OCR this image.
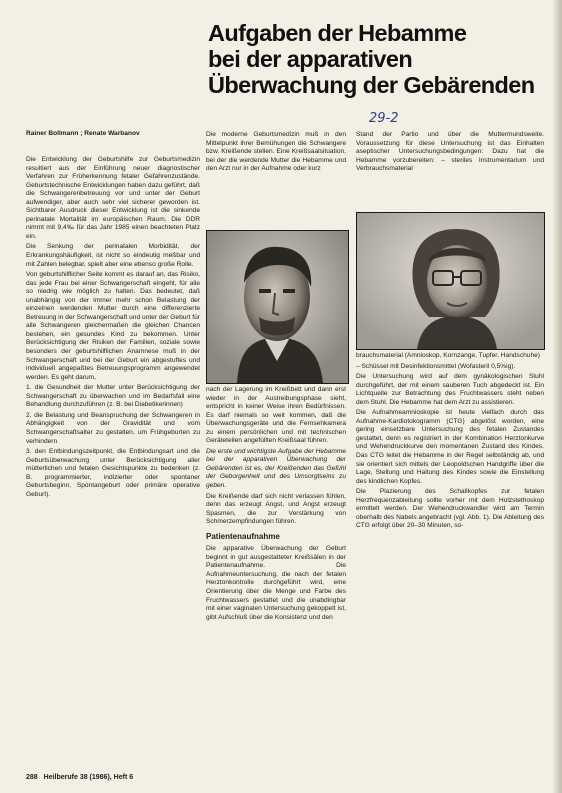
Aufgaben der Hebamme
bei der apparativen
Überwachung der Gebärenden
29-2
Rainer Bollmann ; Renate Warbanov

Die Entwicklung der Geburtshilfe zur Geburtsmedizin resultiert aus der Einführung neuer diagnostischer Verfahren zur Früherkennung fetaler Gefahrenzustände. Geburtstechnische Entwicklungen haben dazu geführt, daß die Schwangerenbetreuung vor und unter der Geburt aufwendiger, aber auch sehr viel sicherer geworden ist. Sichtbarer Ausdruck dieser Entwicklung ist die sinkende perinatale Mortalität im europäischen Raum. Die DDR nimmt mit 9,4‰ für das Jahr 1985 einen beachteten Platz ein.

Die Senkung der perinatalen Morbidität, der Erkrankungshäufigkeit, ist nicht so eindeutig meßbar und mit Zahlen belegbar, spielt aber eine ebenso große Rolle.

Von geburtshilflicher Seite kommt es darauf an, das Risiko, das jede Frau bei einer Schwangerschaft eingeht, für alle so niedrig wie möglich zu halten. Das bedeutet, daß unabhängig von der immer mehr schon Belastung der einzelnen werdenden Mutter durch eine differenzierte Betreuung in der Schwangerschaft und unter der Geburt für alle Schwangeren gleichermaßen die gleichen Chancen bestehen, ein gesundes Kind zu bekommen. Unter Berücksichtigung der Risiken der Familien, soziale sowie besonders der geburtshilflichen Anamnese muß in der Schwangerschaft und bei der Geburt ein abgestuftes und individuell angepaßtes Betreuungsprogramm angewendet werden. Es geht darum,

1. die Gesundheit der Mutter unter Berücksichtigung der Schwangerschaft zu überwachen und im Bedarfsfall eine Behandlung durchzuführen (z. B. bei Diabetikerinnen)

2. die Belastung und Beanspruchung der Schwangeren in Abhängigkeit von der Gravidität und vom Schwangerschaftsalter zu gestalten, um Frühgeburten zu verhindern

3. den Entbindungszeitpunkt, die Entbindungsart und die Geburtsüberwachung unter Berücksichtigung aller mütterlichen und fetalen Gesichtspunkte zu bedenken (z. B. programmierter, indizierter oder spontaner Geburtsbeginn, Spontangeburt oder primäre operative Geburt).

Die moderne Geburtsmedizin muß in den Mittelpunkt ihrer Bemühungen die Schwangere bzw. Kreißende stellen. Eine Kreißsaalsituation, bei der die werdende Mutter die Hebamme und den Arzt nur in der Aufnahme oder kurz

Stand der Partio und über die Muttermundsweite. Voraussetzung für diese Untersuchung ist das Einhalten aseptischer Untersuchungsbedingungen: Dazu hat die Hebamme vorzubereiten: – steriles Instrumentarium und Verbrauchsmaterial

nach der Lagerung im Kreißbett und dann erst wieder in der Austreibungsphase sieht, entspricht in keiner Weise ihren Bedürfnissen. Es darf niemals so weit kommen, daß die Überwachungsgeräte und die Fernsehkamera zu einem persönlichen und mit technischen Geräteteilen angefüllten Kreißsaal führen.

Die erste und wichtigste Aufgabe der Hebamme bei der apparativen Überwachung der Gebärenden ist es, der Kreißenden das Gefühl der Geborgenheit und des Umsorgtseins zu geben.

Die Kreißende darf sich nicht verlassen fühlen, denn das erzeugt Angst, und Angst erzeugt Spasmen, die zur Verstärkung von Schmerzempfindungen führen.

Patientenaufnahme

Die apparative Überwachung der Geburt beginnt in gut ausgestatteter Kreißsälen in der Patientenaufnahme. Die Aufnahmeuntersuchung, die nach der fetalen Herztonkontrolle durchgeführt wird, eine Orientierung über die Menge und Farbe des Fruchtwassers gestattet und die unabdingbar mit einer vaginalen Untersuchung gekoppelt ist, gibt Aufschluß über die Konsistenz und den

brauchsmaterial (Amnioskop, Kornzange, Tupfer, Handschuhe)

– Schüssel mit Desinfektionsmittel (Wofasteril 0,5%ig).

Die Untersuchung wird auf dem gynäkologischen Stuhl durchgeführt, der mit einem sauberen Tuch abgedeckt ist. Ein Lichtquelle zur Betrachtung des Fruchtwassers steht neben dem Stuhl. Die Hebamme hat dem Arzt zu assistieren.

Die Aufnahmeamnioskopie ist heute vielfach durch das Aufnahme-Kardiotokogramm (CTG) abgelöst worden, eine gering einsetzbare Untersuchung des fetalen Zustandes gestattet, denn es registriert in der Kombination Herztonkurve und Wehendruckkurve den momentanen Zustand des Kindes. Das CTG leitet die Hebamme in der Regel selbständig ab, und sie orientiert sich mittels der Leopoldschen Handgriffe über die Lage, Stellung und Haltung des Kindes sowie die Einstellung des kindlichen Kopfes.

Die Plazierung des Schallkopfes zur fetalen Herzfrequenzableitung sollte vorher mit dem Holzstethoskop ermittelt werden. Der Wehendruckwandler wird am Termin oberhalb des Nabels angebracht (vgl. Abb. 1). Die Ableitung des CTG erfolgt über 20–30 Minuten, so-

288 Heilberufe 38 (1986), Heft 6
